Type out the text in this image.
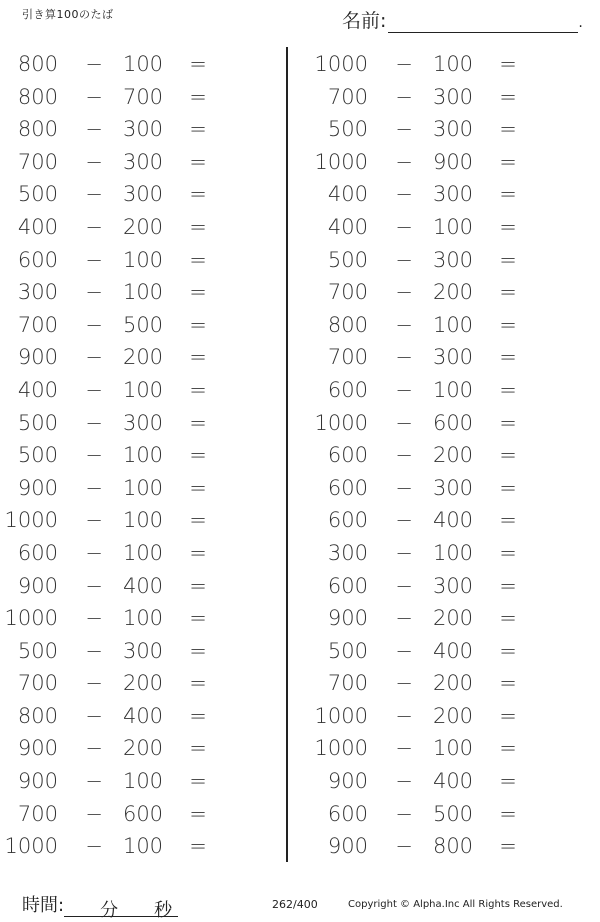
引き算100のたば	名前:	.
800 − 100	=
800 − 700	=
800 − 300	=
700 − 300	=
500 − 300	=
400 − 200	=
600 − 100	=
300 − 100	=
700 − 500	=
900 − 200	=
400 − 100	=
500 − 300	=
500 − 100	=
900 − 100	=
1000 − 100	=
600 − 100	=
900 − 400	=
1000 − 100	=
500 − 300	=
700 − 200	=
800 − 400	=
900 − 200	=
900 − 100	=
700 − 600	=
1000 − 100	=
1000 − 100	=
700 − 300	=
500 − 300	=
1000 − 900	=
400 − 300	=
400 − 100	=
500 − 300	=
700 − 200	=
800 − 100	=
700 − 300	=
600 − 100	=
1000 − 600	=
600 − 200	=
600 − 300	=
600 − 400	=
300 − 100	=
600 − 300	=
900 − 200	=
500 − 400	=
700 − 200	=
1000 − 200	=
1000 − 100	=
900 − 400	=
600 − 500	=
900 − 800	=
時間: 分 秒	262/400	Copyright © Alpha.Inc All Rights Reserved.
